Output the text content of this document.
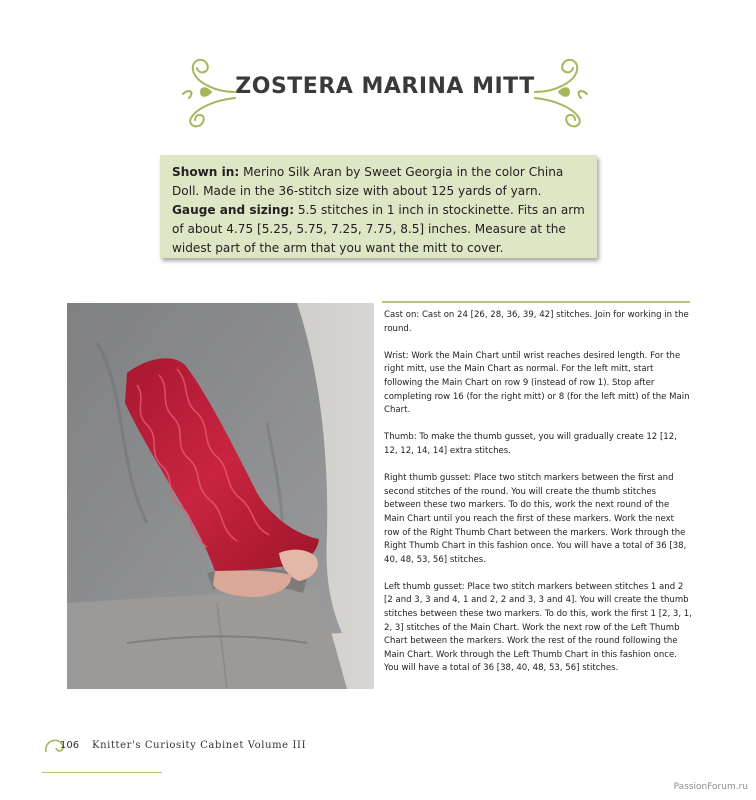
ZOSTERA MARINA MITT
Shown in: Merino Silk Aran by Sweet Georgia in the color China Doll. Made in the 36-stitch size with about 125 yards of yarn.
Gauge and sizing: 5.5 stitches in 1 inch in stockinette. Fits an arm of about 4.75 [5.25, 5.75, 7.25, 7.75, 8.5] inches. Measure at the widest part of the arm that you want the mitt to cover.

Cast on: Cast on 24 [26, 28, 36, 39, 42] stitches. Join for working in the round.

Wrist: Work the Main Chart until wrist reaches desired length. For the right mitt, use the Main Chart as normal. For the left mitt, start following the Main Chart on row 9 (instead of row 1). Stop after completing row 16 (for the right mitt) or 8 (for the left mitt) of the Main Chart.

Thumb: To make the thumb gusset, you will gradually create 12 [12, 12, 12, 14, 14] extra stitches.

Right thumb gusset: Place two stitch markers between the first and second stitches of the round. You will create the thumb stitches between these two markers. To do this, work the next round of the Main Chart until you reach the first of these markers. Work the next row of the Right Thumb Chart between the markers. Work through the Right Thumb Chart in this fashion once. You will have a total of 36 [38, 40, 48, 53, 56] stitches.

Left thumb gusset: Place two stitch markers between stitches 1 and 2 [2 and 3, 3 and 4, 1 and 2, 2 and 3, 3 and 4]. You will create the thumb stitches between these two markers. To do this, work the first 1 [2, 3, 1, 2, 3] stitches of the Main Chart. Work the next row of the Left Thumb Chart between the markers. Work the rest of the round following the Main Chart. Work through the Left Thumb Chart in this fashion once. You will have a total of 36 [38, 40, 48, 53, 56] stitches.

106 Knitter's Curiosity Cabinet Volume III
PassionForum.ru
